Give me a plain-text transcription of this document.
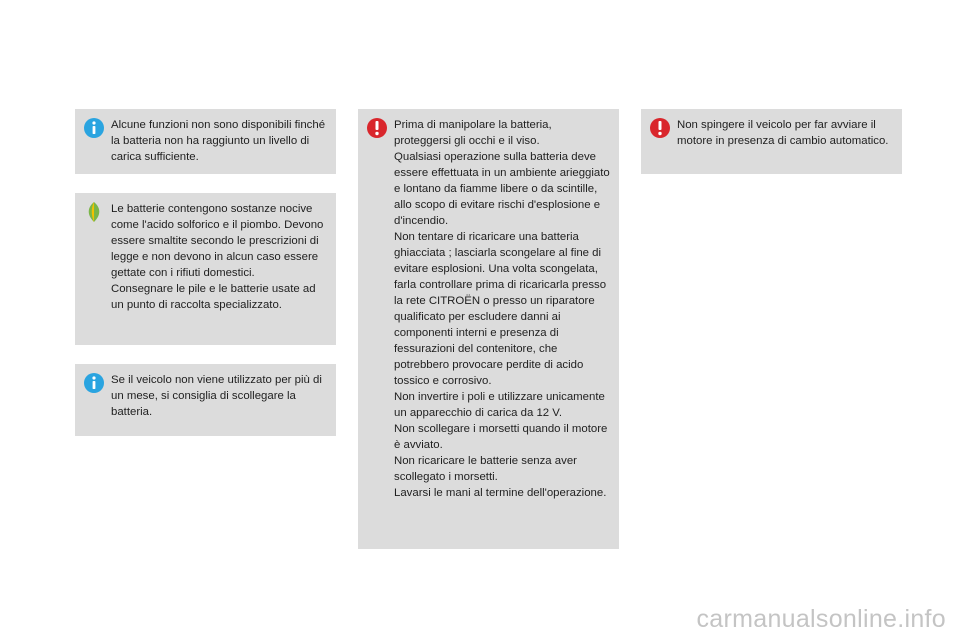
Alcune funzioni non sono disponibili finché la batteria non ha raggiunto un livello di carica sufficiente.

Le batterie contengono sostanze nocive come l'acido solforico e il piombo. Devono essere smaltite secondo le prescrizioni di legge e non devono in alcun caso essere gettate con i rifiuti domestici.

Consegnare le pile e le batterie usate ad un punto di raccolta specializzato.

Se il veicolo non viene utilizzato per più di un mese, si consiglia di scollegare la batteria.

Prima di manipolare la batteria, proteggersi gli occhi e il viso.

Qualsiasi operazione sulla batteria deve essere effettuata in un ambiente arieggiato e lontano da fiamme libere o da scintille, allo scopo di evitare rischi d'esplosione e d'incendio.

Non tentare di ricaricare una batteria ghiacciata ; lasciarla scongelare al fine di evitare esplosioni. Una volta scongelata, farla controllare prima di ricaricarla presso la rete CITROËN o presso un riparatore qualificato per escludere danni ai componenti interni e presenza di fessurazioni del contenitore, che potrebbero provocare perdite di acido tossico e corrosivo.

Non invertire i poli e utilizzare unicamente un apparecchio di carica da 12 V.

Non scollegare i morsetti quando il motore è avviato.

Non ricaricare le batterie senza aver scollegato i morsetti.

Lavarsi le mani al termine dell'operazione.

Non spingere il veicolo per far avviare il motore in presenza di cambio automatico.

carmanualsonline.info
